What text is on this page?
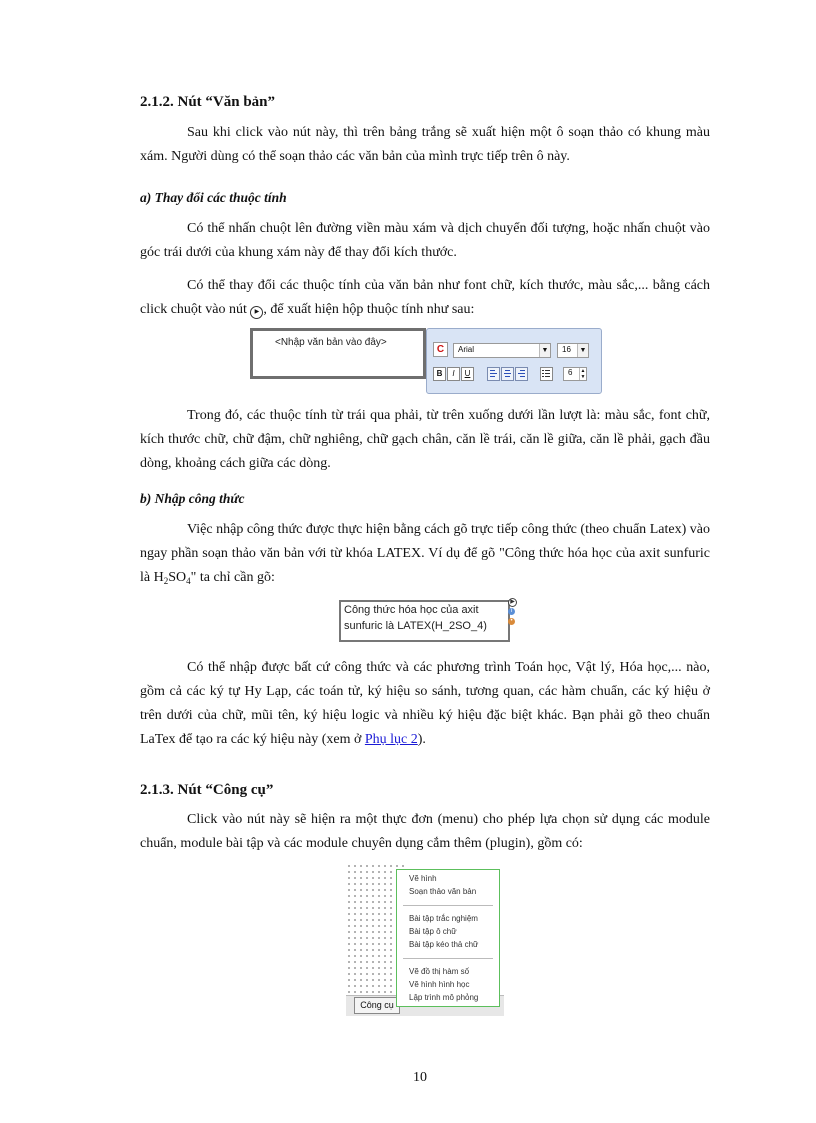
2.1.2. Nút “Văn bản”
Sau khi click vào nút này, thì trên bảng trắng sẽ xuất hiện một ô soạn thảo có khung màu xám. Người dùng có thể soạn thảo các văn bản của mình trực tiếp trên ô này.
a) Thay đổi các thuộc tính
Có thể nhấn chuột lên đường viền màu xám và dịch chuyển đối tượng, hoặc nhấn chuột vào góc trái dưới của khung xám này để thay đổi kích thước.
Có thể thay đổi các thuộc tính của văn bản như font chữ, kích thước, màu sắc,... bằng cách click chuột vào nút ▶ , để xuất hiện hộp thuộc tính như sau:
Trong đó, các thuộc tính từ trái qua phải, từ trên xuống dưới lần lượt là: màu sắc, font chữ, kích thước chữ, chữ đậm, chữ nghiêng, chữ gạch chân, căn lề trái, căn lề giữa, căn lề phải, gạch đầu dòng, khoảng cách giữa các dòng.
b) Nhập công thức
Việc nhập công thức được thực hiện bằng cách gõ trực tiếp công thức (theo chuẩn Latex) vào ngay phần soạn thảo văn bản với từ khóa LATEX. Ví dụ để gõ "Công thức hóa học của axit sunfuric là $H_2SO_4$" ta chỉ cần gõ:
Có thể nhập được bất cứ công thức và các phương trình Toán học, Vật lý, Hóa học,... nào, gồm cả các ký tự Hy Lạp, các toán tử, ký hiệu so sánh, tương quan, các hàm chuẩn, các ký hiệu ở trên dưới của chữ, mũi tên, ký hiệu logic và nhiều ký hiệu đặc biệt khác. Bạn phải gõ theo chuẩn LaTex để tạo ra các ký hiệu này (xem ở Phụ lục 2).
2.1.3. Nút “Công cụ”
Click vào nút này sẽ hiện ra một thực đơn (menu) cho phép lựa chọn sử dụng các module chuẩn, module bài tập và các module chuyên dụng cắm thêm (plugin), gồm có:
<Nhập văn bản vào đây>
C	Arial	▼ 16	▼
B	I	U	6	▲
▼
Công thức hóa học của axit
sunfuric là LATEX(H_2SO_4)
▶
i
•
Công cụ
Vẽ hình
Soạn thảo văn bản
Bài tập trắc nghiệm
Bài tập ô chữ
Bài tập kéo thả chữ
Vẽ đồ thị hàm số
Vẽ hình hình học
Lập trình mô phỏng
10
